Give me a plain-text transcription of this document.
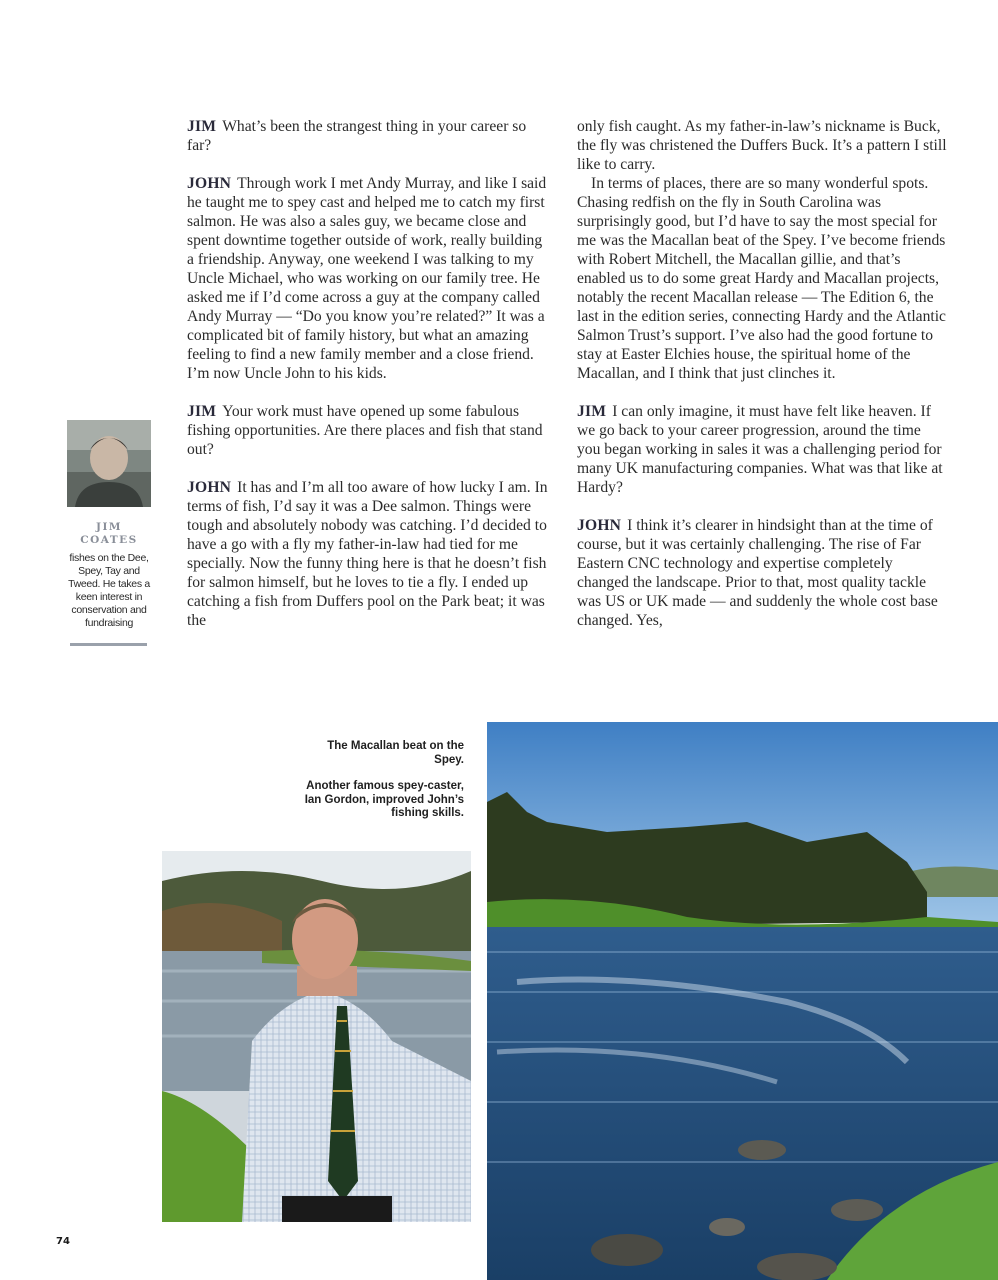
JIM What’s been the strangest thing in your career so far?

JOHN Through work I met Andy Murray, and like I said he taught me to spey cast and helped me to catch my first salmon. He was also a sales guy, we became close and spent downtime together outside of work, really building a friendship. Anyway, one weekend I was talking to my Uncle Michael, who was working on our family tree. He asked me if I’d come across a guy at the company called Andy Murray — “Do you know you’re related?” It was a complicated bit of family history, but what an amazing feeling to find a new family member and a close friend. I’m now Uncle John to his kids.

JIM Your work must have opened up some fabulous fishing opportunities. Are there places and fish that stand out?

JOHN It has and I’m all too aware of how lucky I am. In terms of fish, I’d say it was a Dee salmon. Things were tough and absolutely nobody was catching. I’d decided to have a go with a fly my father-in-law had tied for me specially. Now the funny thing here is that he doesn’t fish for salmon himself, but he loves to tie a fly. I ended up catching a fish from Duffers pool on the Park beat; it was the

only fish caught. As my father-in-law’s nickname is Buck, the fly was christened the Duffers Buck. It’s a pattern I still like to carry.

In terms of places, there are so many wonderful spots. Chasing redfish on the fly in South Carolina was surprisingly good, but I’d have to say the most special for me was the Macallan beat of the Spey. I’ve become friends with Robert Mitchell, the Macallan gillie, and that’s enabled us to do some great Hardy and Macallan projects, notably the recent Macallan release — The Edition 6, the last in the edition series, connecting Hardy and the Atlantic Salmon Trust’s support. I’ve also had the good fortune to stay at Easter Elchies house, the spiritual home of the Macallan, and I think that just clinches it.

JIM I can only imagine, it must have felt like heaven. If we go back to your career progression, around the time you began working in sales it was a challenging period for many UK manufacturing companies. What was that like at Hardy?

JOHN I think it’s clearer in hindsight than at the time of course, but it was certainly challenging. The rise of Far Eastern CNC technology and expertise completely changed the landscape. Prior to that, most quality tackle was US or UK made — and suddenly the whole cost base changed. Yes,

JIM COATES
fishes on the Dee, Spey, Tay and Tweed. He takes a keen interest in conservation and fundraising

The Macallan beat on the Spey.

Another famous spey-caster, Ian Gordon, improved John’s fishing skills.

74
